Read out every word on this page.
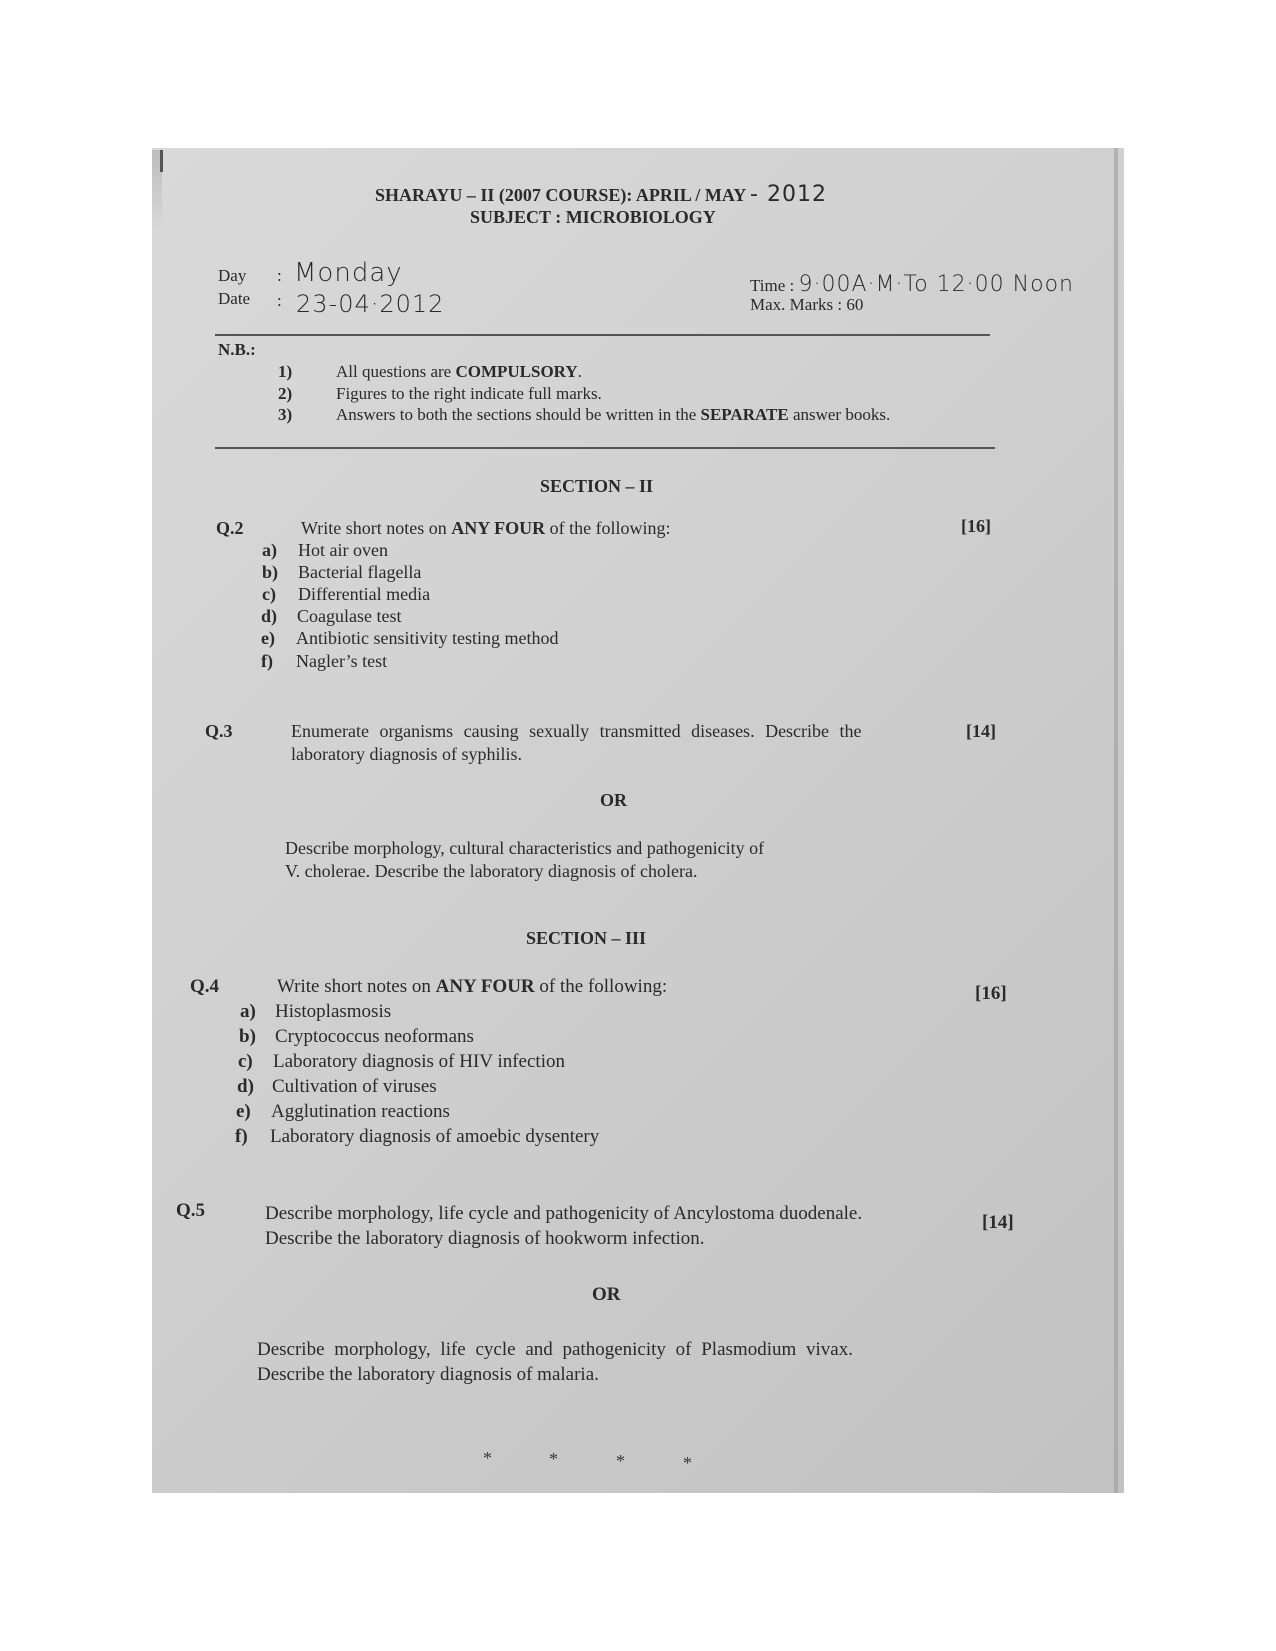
SHARAYU – II (2007 COURSE): APRIL / MAY - 2012
SUBJECT : MICROBIOLOGY
Day : Monday
Date : 23-04·2012
Time : 9·00A·M·To 12·00 Noon
Max. Marks : 60
N.B.:
1)	All questions are COMPULSORY.
2)	Figures to the right indicate full marks.
3)	Answers to both the sections should be written in the SEPARATE answer books.
SECTION – II
Q.2	Write short notes on ANY FOUR of the following:	[16]
a) Hot air oven
b) Bacterial flagella
c) Differential media
d) Coagulase test
e) Antibiotic sensitivity testing method
f) Nagler’s test
Q.3	Enumerate organisms causing sexually transmitted diseases. Describe the
laboratory diagnosis of syphilis.
[14]
OR
Describe morphology, cultural characteristics and pathogenicity of
V. cholerae. Describe the laboratory diagnosis of cholera.
SECTION – III
Q.4	Write short notes on ANY FOUR of the following:	[16]
a) Histoplasmosis
b) Cryptococcus neoformans
c) Laboratory diagnosis of HIV infection
d) Cultivation of viruses
e) Agglutination reactions
f) Laboratory diagnosis of amoebic dysentery
Q.5	Describe morphology, life cycle and pathogenicity of Ancylostoma duodenale.
Describe the laboratory diagnosis of hookworm infection.
[14]
OR
Describe morphology, life cycle and pathogenicity of Plasmodium vivax.
Describe the laboratory diagnosis of malaria.
*	*	*	*
